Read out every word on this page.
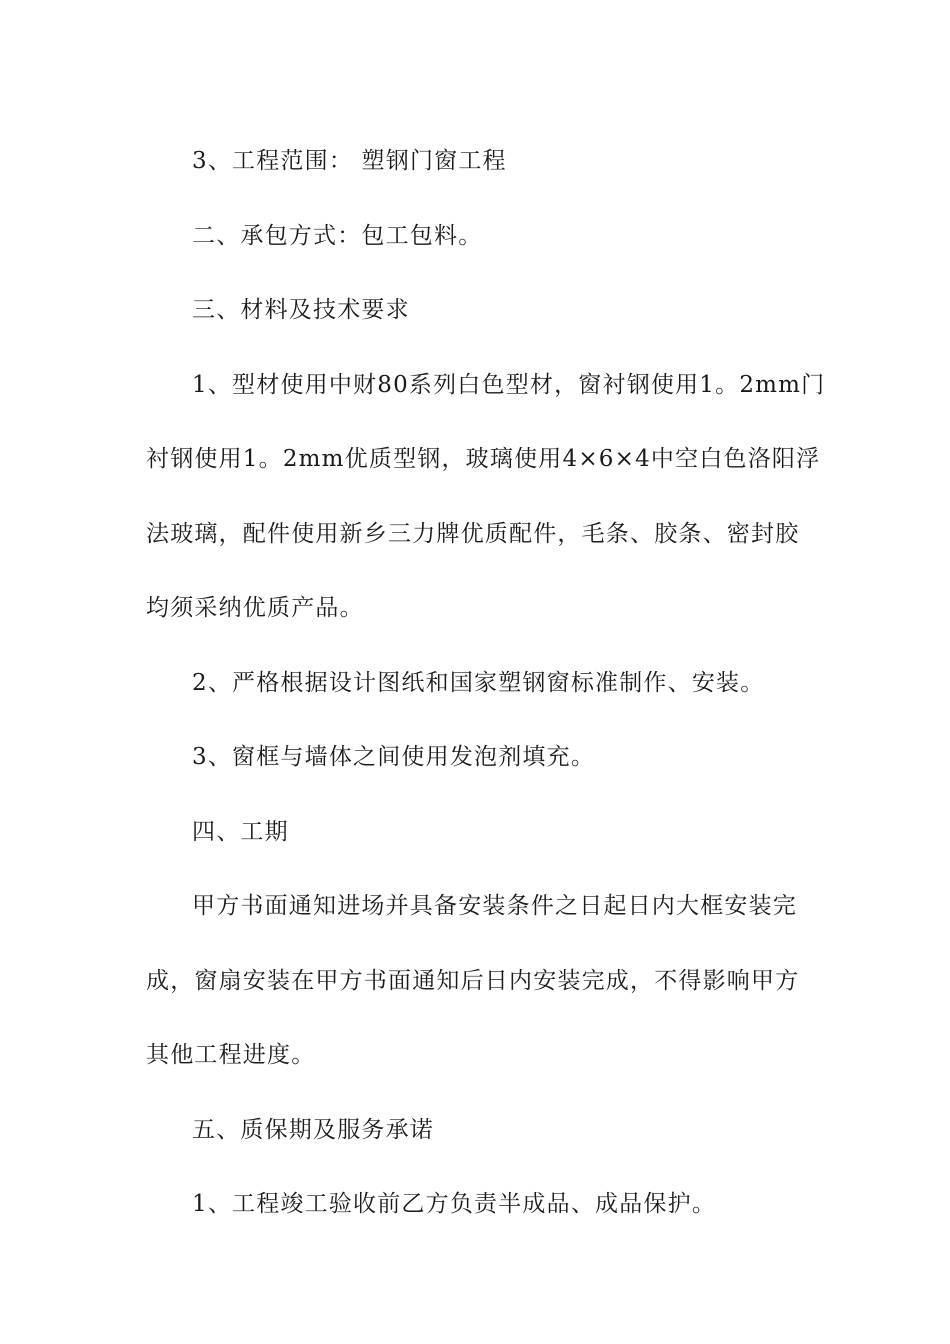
3、工程范围： 塑钢门窗工程

二、承包方式：包工包料。

三、材料及技术要求

1、型材使用中财80系列白色型材，窗衬钢使用1。2mm门

衬钢使用1。2mm优质型钢，玻璃使用4×6×4中空白色洛阳浮

法玻璃，配件使用新乡三力牌优质配件，毛条、胶条、密封胶

均须采纳优质产品。

2、严格根据设计图纸和国家塑钢窗标准制作、安装。

3、窗框与墙体之间使用发泡剂填充。

四、工期

甲方书面通知进场并具备安装条件之日起日内大框安装完

成，窗扇安装在甲方书面通知后日内安装完成，不得影响甲方

其他工程进度。

五、质保期及服务承诺

1、工程竣工验收前乙方负责半成品、成品保护。
